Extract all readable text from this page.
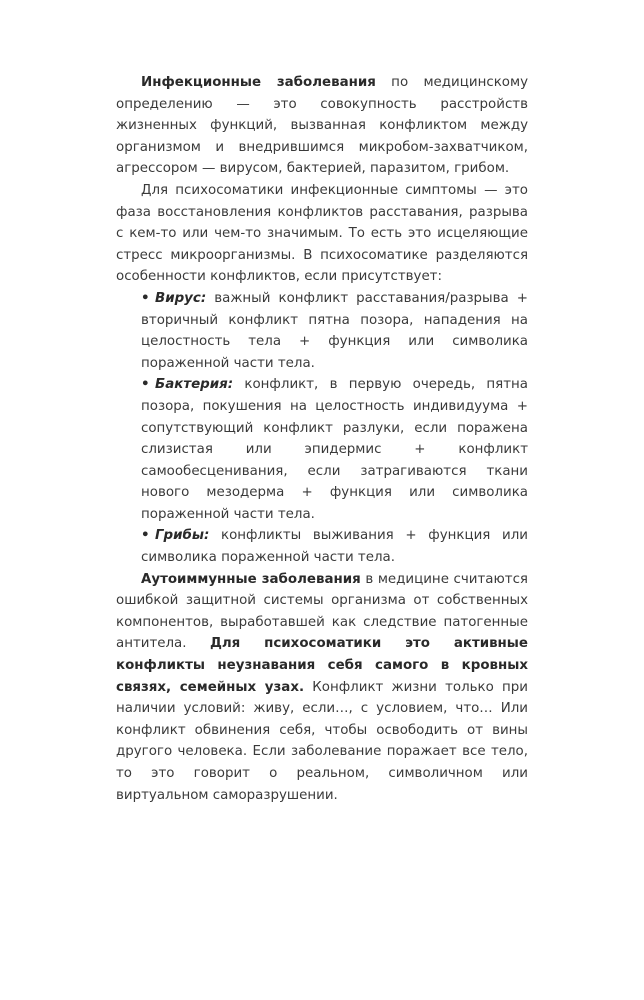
Инфекционные заболевания по медицинскому определению — это совокупность расстройств жизненных функций, вызванная конфликтом между организмом и внедрившимся микробом-захватчиком, агрессором — вирусом, бактерией, паразитом, грибом.

Для психосоматики инфекционные симптомы — это фаза восстановления конфликтов расставания, разрыва с кем-то или чем-то значимым. То есть это исцеляющие стресс микроорганизмы. В психосоматике разделяются особенности конфликтов, если присутствует:

• Вирус: важный конфликт расставания/разрыва + вторичный конфликт пятна позора, нападения на целостность тела + функция или символика пораженной части тела.

• Бактерия: конфликт, в первую очередь, пятна позора, покушения на целостность индивидуума + сопутствующий конфликт разлуки, если поражена слизистая или эпидермис + конфликт самообесценивания, если затрагиваются ткани нового мезодерма + функция или символика пораженной части тела.

• Грибы: конфликты выживания + функция или символика пораженной части тела.

Аутоиммунные заболевания в медицине считаются ошибкой защитной системы организма от собственных компонентов, выработавшей как следствие патогенные антитела. Для психосоматики это активные конфликты неузнавания себя самого в кровных связях, семейных узах. Конфликт жизни только при наличии условий: живу, если…, с условием, что… Или конфликт обвинения себя, чтобы освободить от вины другого человека. Если заболевание поражает все тело, то это говорит о реальном, символичном или виртуальном саморазрушении.
